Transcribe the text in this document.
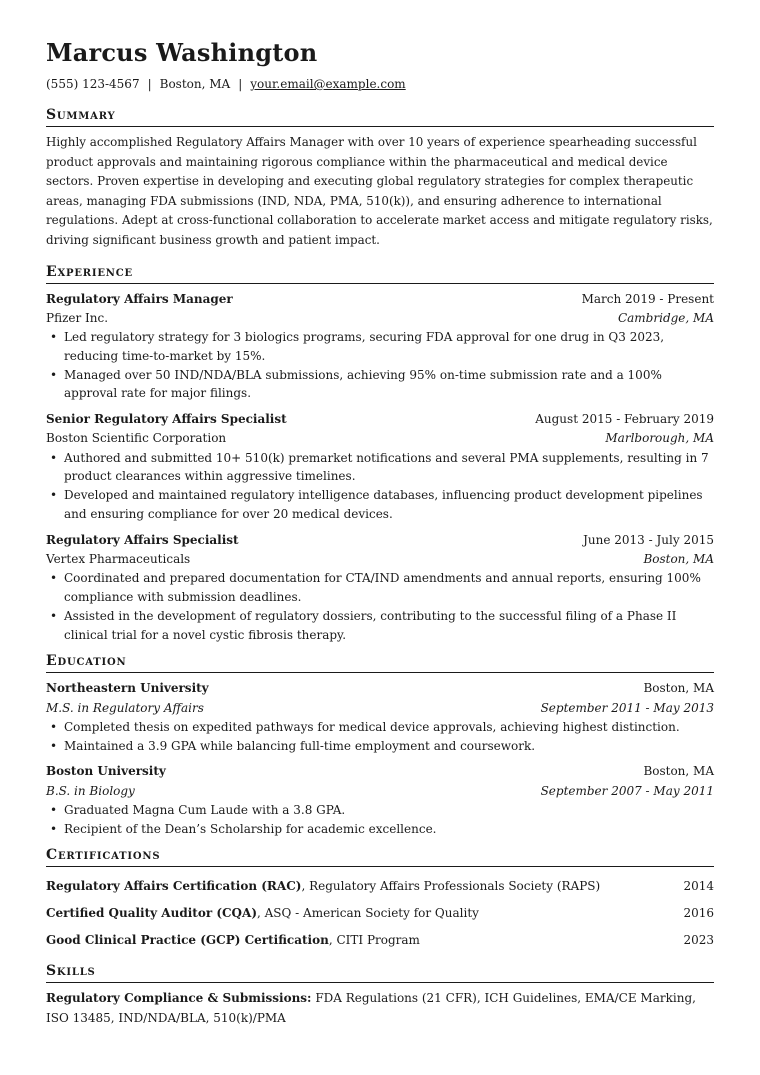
Marcus Washington
(555) 123-4567 | Boston, MA | your.email@example.com
Summary
Highly accomplished Regulatory Affairs Manager with over 10 years of experience spearheading successful product approvals and maintaining rigorous compliance within the pharmaceutical and medical device sectors. Proven expertise in developing and executing global regulatory strategies for complex therapeutic areas, managing FDA submissions (IND, NDA, PMA, 510(k)), and ensuring adherence to international regulations. Adept at cross-functional collaboration to accelerate market access and mitigate regulatory risks, driving significant business growth and patient impact.
Experience
Regulatory Affairs Manager	March 2019 - Present
Pfizer Inc.	Cambridge, MA
• Led regulatory strategy for 3 biologics programs, securing FDA approval for one drug in Q3 2023, reducing time-to-market by 15%.
• Managed over 50 IND/NDA/BLA submissions, achieving 95% on-time submission rate and a 100% approval rate for major filings.
Senior Regulatory Affairs Specialist	August 2015 - February 2019
Boston Scientific Corporation	Marlborough, MA
• Authored and submitted 10+ 510(k) premarket notifications and several PMA supplements, resulting in 7 product clearances within aggressive timelines.
• Developed and maintained regulatory intelligence databases, influencing product development pipelines and ensuring compliance for over 20 medical devices.
Regulatory Affairs Specialist	June 2013 - July 2015
Vertex Pharmaceuticals	Boston, MA
• Coordinated and prepared documentation for CTA/IND amendments and annual reports, ensuring 100% compliance with submission deadlines.
• Assisted in the development of regulatory dossiers, contributing to the successful filing of a Phase II clinical trial for a novel cystic fibrosis therapy.
Education
Northeastern University	Boston, MA
M.S. in Regulatory Affairs	September 2011 - May 2013
• Completed thesis on expedited pathways for medical device approvals, achieving highest distinction.
• Maintained a 3.9 GPA while balancing full-time employment and coursework.
Boston University	Boston, MA
B.S. in Biology	September 2007 - May 2011
• Graduated Magna Cum Laude with a 3.8 GPA.
• Recipient of the Dean’s Scholarship for academic excellence.
Certifications
Regulatory Affairs Certification (RAC), Regulatory Affairs Professionals Society (RAPS)	2014
Certified Quality Auditor (CQA), ASQ - American Society for Quality	2016
Good Clinical Practice (GCP) Certification, CITI Program	2023
Skills
Regulatory Compliance & Submissions: FDA Regulations (21 CFR), ICH Guidelines, EMA/CE Marking, ISO 13485, IND/NDA/BLA, 510(k)/PMA
